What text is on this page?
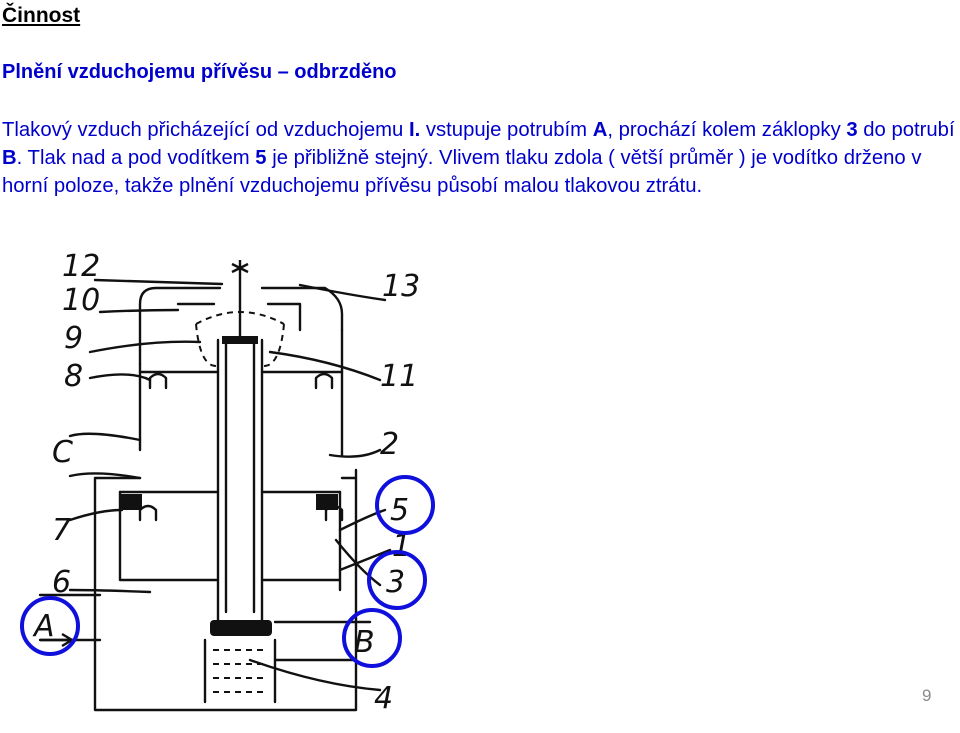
Činnost
Plnění vzduchojemu přívěsu – odbrzděno

Tlakový vzduch přicházející od vzduchojemu I. vstupuje potrubím A, prochází kolem záklopky 3 do potrubí B. Tlak nad a pod vodítkem 5 je přibližně stejný. Vlivem tlaku zdola ( větší průměr ) je vodítko drženo v horní poloze, takže plnění vzduchojemu přívěsu působí malou tlakovou ztrátu.

12
10
9
8
C
7
6
A
13
11
2
5
1
3
B
4	9
